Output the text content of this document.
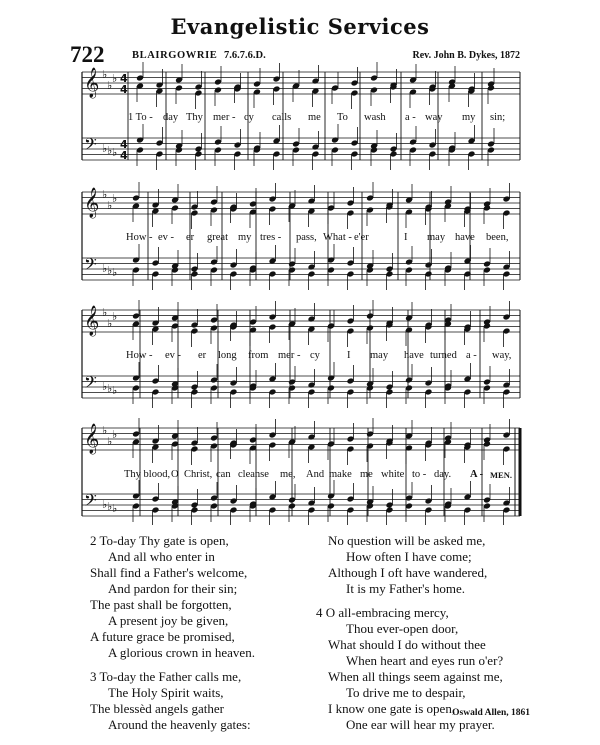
Evangelistic Services
722	BLAIRGOWRIE 7.6.7.6.D.	Rev. John B. Dykes, 1872
𝄞 ♭
♭
♭ 4
4
𝄢 ♭ ♭ ♭
4
4
𝄞 ♭
♭
♭
𝄢 ♭ ♭ ♭
𝄞 ♭
♭
♭
𝄢 ♭ ♭ ♭
𝄞 ♭
♭
♭
𝄢 ♭ ♭ ♭
1 To - day Thy mer - cy calls me To wash a - way my sin;
How - ev - er great my tres - pass, What - e'er	I may have been,
How - ev - er long from mer - cy	I may have turned a - way,
Thy blood, O Christ, can cleanse me, And make me white to - day. A - MEN.
2 To-day Thy gate is open,
And all who enter in
Shall find a Father's welcome,
And pardon for their sin;
The past shall be forgotten,
A present joy be given,
A future grace be promised,
A glorious crown in heaven.
3 To-day the Father calls me,
The Holy Spirit waits,
The blessèd angels gather
Around the heavenly gates:
No question will be asked me,
How often I have come;
Although I oft have wandered,
It is my Father's home.
4 O all-embracing mercy,
Thou ever-open door,
What should I do without thee
When heart and eyes run o'er?
When all things seem against me,
To drive me to despair,
I know one gate is open,
One ear will hear my prayer.
Oswald Allen, 1861
